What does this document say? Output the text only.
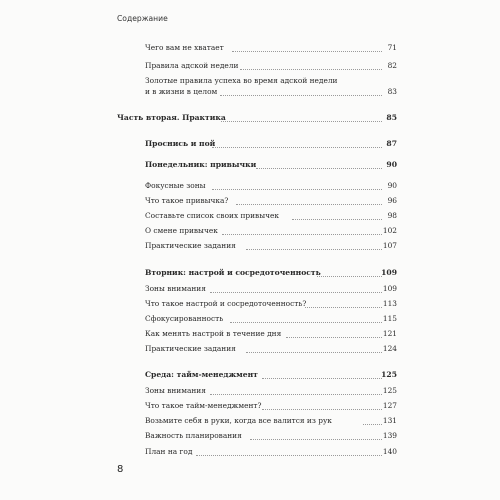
Содержание
Чего вам не хватает	71
Правила адской недели	82
Золотые правила успеха во время адской недели
и в жизни в целом	83
Часть вторая. Практика	85
Проснись и пой	87
Понедельник: привычки	90
Фокусные зоны	90
Что такое привычка?	96
Составьте список своих привычек	98
О смене привычек	102
Практические задания	107
Вторник: настрой и сосредоточенность	109
Зоны внимания	109
Что такое настрой и сосредоточенность?	113
Сфокусированность	115
Как менять настрой в течение дня	121
Практические задания	124
Среда: тайм-менеджмент	125
Зоны внимания	125
Что такое тайм-менеджмент?	127
Возьмите себя в руки, когда все валится из рук	131
Важность планирования	139
План на год	140
8
